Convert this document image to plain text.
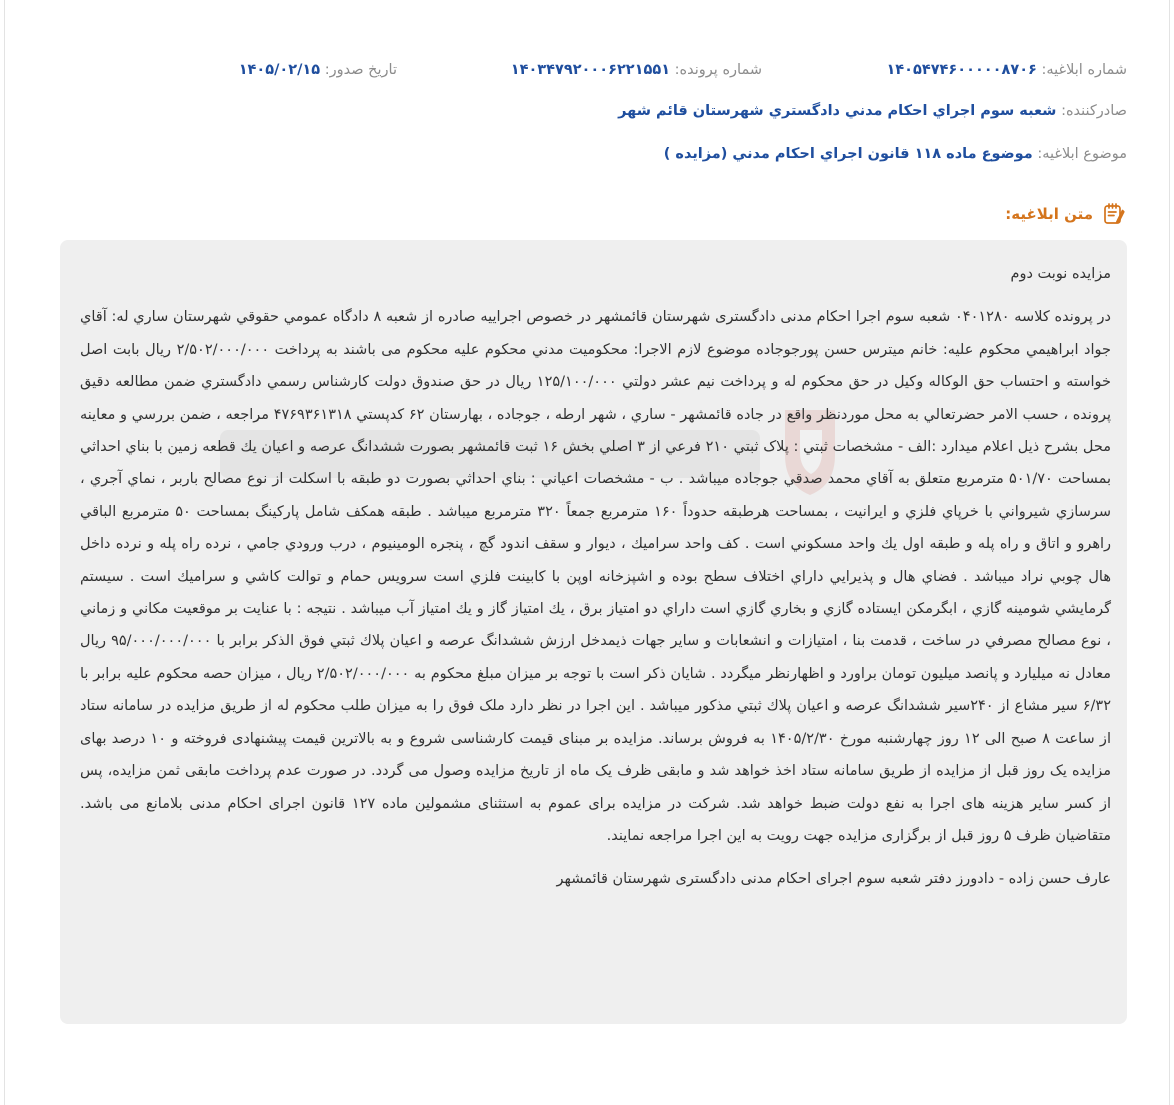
شماره ابلاغیه: ۱۴۰۵۴۷۴۶۰۰۰۰۰۸۷۰۶
شماره پرونده: ۱۴۰۳۴۷۹۲۰۰۰۶۲۲۱۵۵۱
تاریخ صدور: ۱۴۰۵/۰۲/۱۵
صادرکننده: شعبه سوم اجراي احكام مدني دادگستري شهرستان قائم شهر
موضوع ابلاغیه: موضوع ماده ۱۱۸ قانون اجراي احكام مدني (مزايده )
متن ابلاغیه:

مزایده نوبت دوم

در پرونده کلاسه ۰۴۰۱۲۸۰ شعبه سوم اجرا احکام مدنی دادگستری شهرستان قائمشهر در خصوص اجراییه صادره از شعبه ۸ دادگاه عمومي حقوقي شهرستان ساري له: آقاي جواد ابراهيمي محکوم عليه: خانم ميترس حسن پورجوجاده موضوع لازم الاجرا: محکوميت مدني محکوم عليه محکوم می باشند به پرداخت ۲/۵۰۲/۰۰۰/۰۰۰ ريال بابت اصل خواسته و احتساب حق الوکاله وکيل در حق محکوم له و پرداخت نيم عشر دولتي ۱۲۵/۱۰۰/۰۰۰ ريال در حق صندوق دولت کارشناس رسمي دادگستري ضمن مطالعه دقيق پرونده ، حسب الامر حضرتعالي به محل موردنظر واقع در جاده قائمشهر - ساري ، شهر ارطه ، جوجاده ، بهارستان ۶۲ کدپستي ۴۷۶۹۳۶۱۳۱۸ مراجعه ، ضمن بررسي و معاينه محل بشرح ذيل اعلام ميدارد :الف - مشخصات ثبتي : پلاک ثبتي ۲۱۰ فرعي از ۳ اصلي بخش ۱۶ ثبت قائمشهر بصورت ششدانگ عرصه و اعيان يك قطعه زمين با بناي احداثي بمساحت ۵۰۱/۷۰ مترمربع متعلق به آقاي محمد صدقي جوجاده ميباشد . ب - مشخصات اعياني : بناي احداثي بصورت دو طبقه با اسکلت از نوع مصالح باربر ، نماي آجري ، سرسازي شيرواني با خرپاي فلزي و ايرانيت ، بمساحت هرطبقه حدوداً ۱۶۰ مترمربع جمعاً ۳۲۰ مترمربع ميباشد . طبقه همكف شامل پارکينگ بمساحت ۵۰ مترمربع الباقي راهرو و اتاق و راه پله و طبقه اول يك واحد مسكوني است . کف واحد سراميك ، ديوار و سقف اندود گچ ، پنجره الومينيوم ، درب ورودي جامي ، نرده راه پله و نرده داخل هال چوبي نراد ميباشد . فضاي هال و پذيرايي داراي اختلاف سطح بوده و اشپزخانه اوپن با کابينت فلزي است سرويس حمام و توالت کاشي و سراميك است . سيستم گرمايشي شومينه گازي ، ابگرمکن ايستاده گازي و بخاري گازي است داراي دو امتياز برق ، يك امتياز گاز و يك امتياز آب ميباشد . نتيجه : با عنايت بر موقعيت مکاني و زماني ، نوع مصالح مصرفي در ساخت ، قدمت بنا ، امتيازات و انشعابات و ساير جهات ذيمدخل ارزش ششدانگ عرصه و اعيان پلاك ثبتي فوق الذکر برابر با ۹۵/۰۰۰/۰۰۰/۰۰۰ ريال معادل نه ميليارد و پانصد ميليون تومان براورد و اظهارنظر ميگردد . شايان ذكر است با توجه بر ميزان مبلغ محكوم به ۲/۵۰۲/۰۰۰/۰۰۰ ريال ، ميزان حصه محكوم عليه برابر با ۶/۳۲ سير مشاع از ۲۴۰سير ششدانگ عرصه و اعيان پلاك ثبتي مذكور ميباشد . اين اجرا در نظر دارد ملک فوق را به ميزان طلب محکوم له از طريق مزايده در سامانه ستاد از ساعت ۸ صبح الی ۱۲ روز چهارشنبه مورخ ۱۴۰۵/۲/۳۰ به فروش برساند. مزایده بر مبنای قیمت کارشناسی شروع و به بالاترین قیمت پیشنهادی فروخته و ۱۰ درصد بهای مزایده یک روز قبل از مزایده از طریق سامانه ستاد اخذ خواهد شد و مابقی ظرف یک ماه از تاریخ مزایده وصول می گردد. در صورت عدم پرداخت مابقی ثمن مزایده، پس از کسر سایر هزینه های اجرا به نفع دولت ضبط خواهد شد. شرکت در مزایده برای عموم به استثنای مشمولین ماده ۱۲۷ قانون اجرای احکام مدنی بلامانع می باشد. متقاضیان ظرف ۵ روز قبل از برگزاری مزایده جهت رویت به این اجرا مراجعه نمایند.

عارف حسن زاده - دادورز دفتر شعبه سوم اجرای احکام مدنی دادگستری شهرستان قائمشهر
